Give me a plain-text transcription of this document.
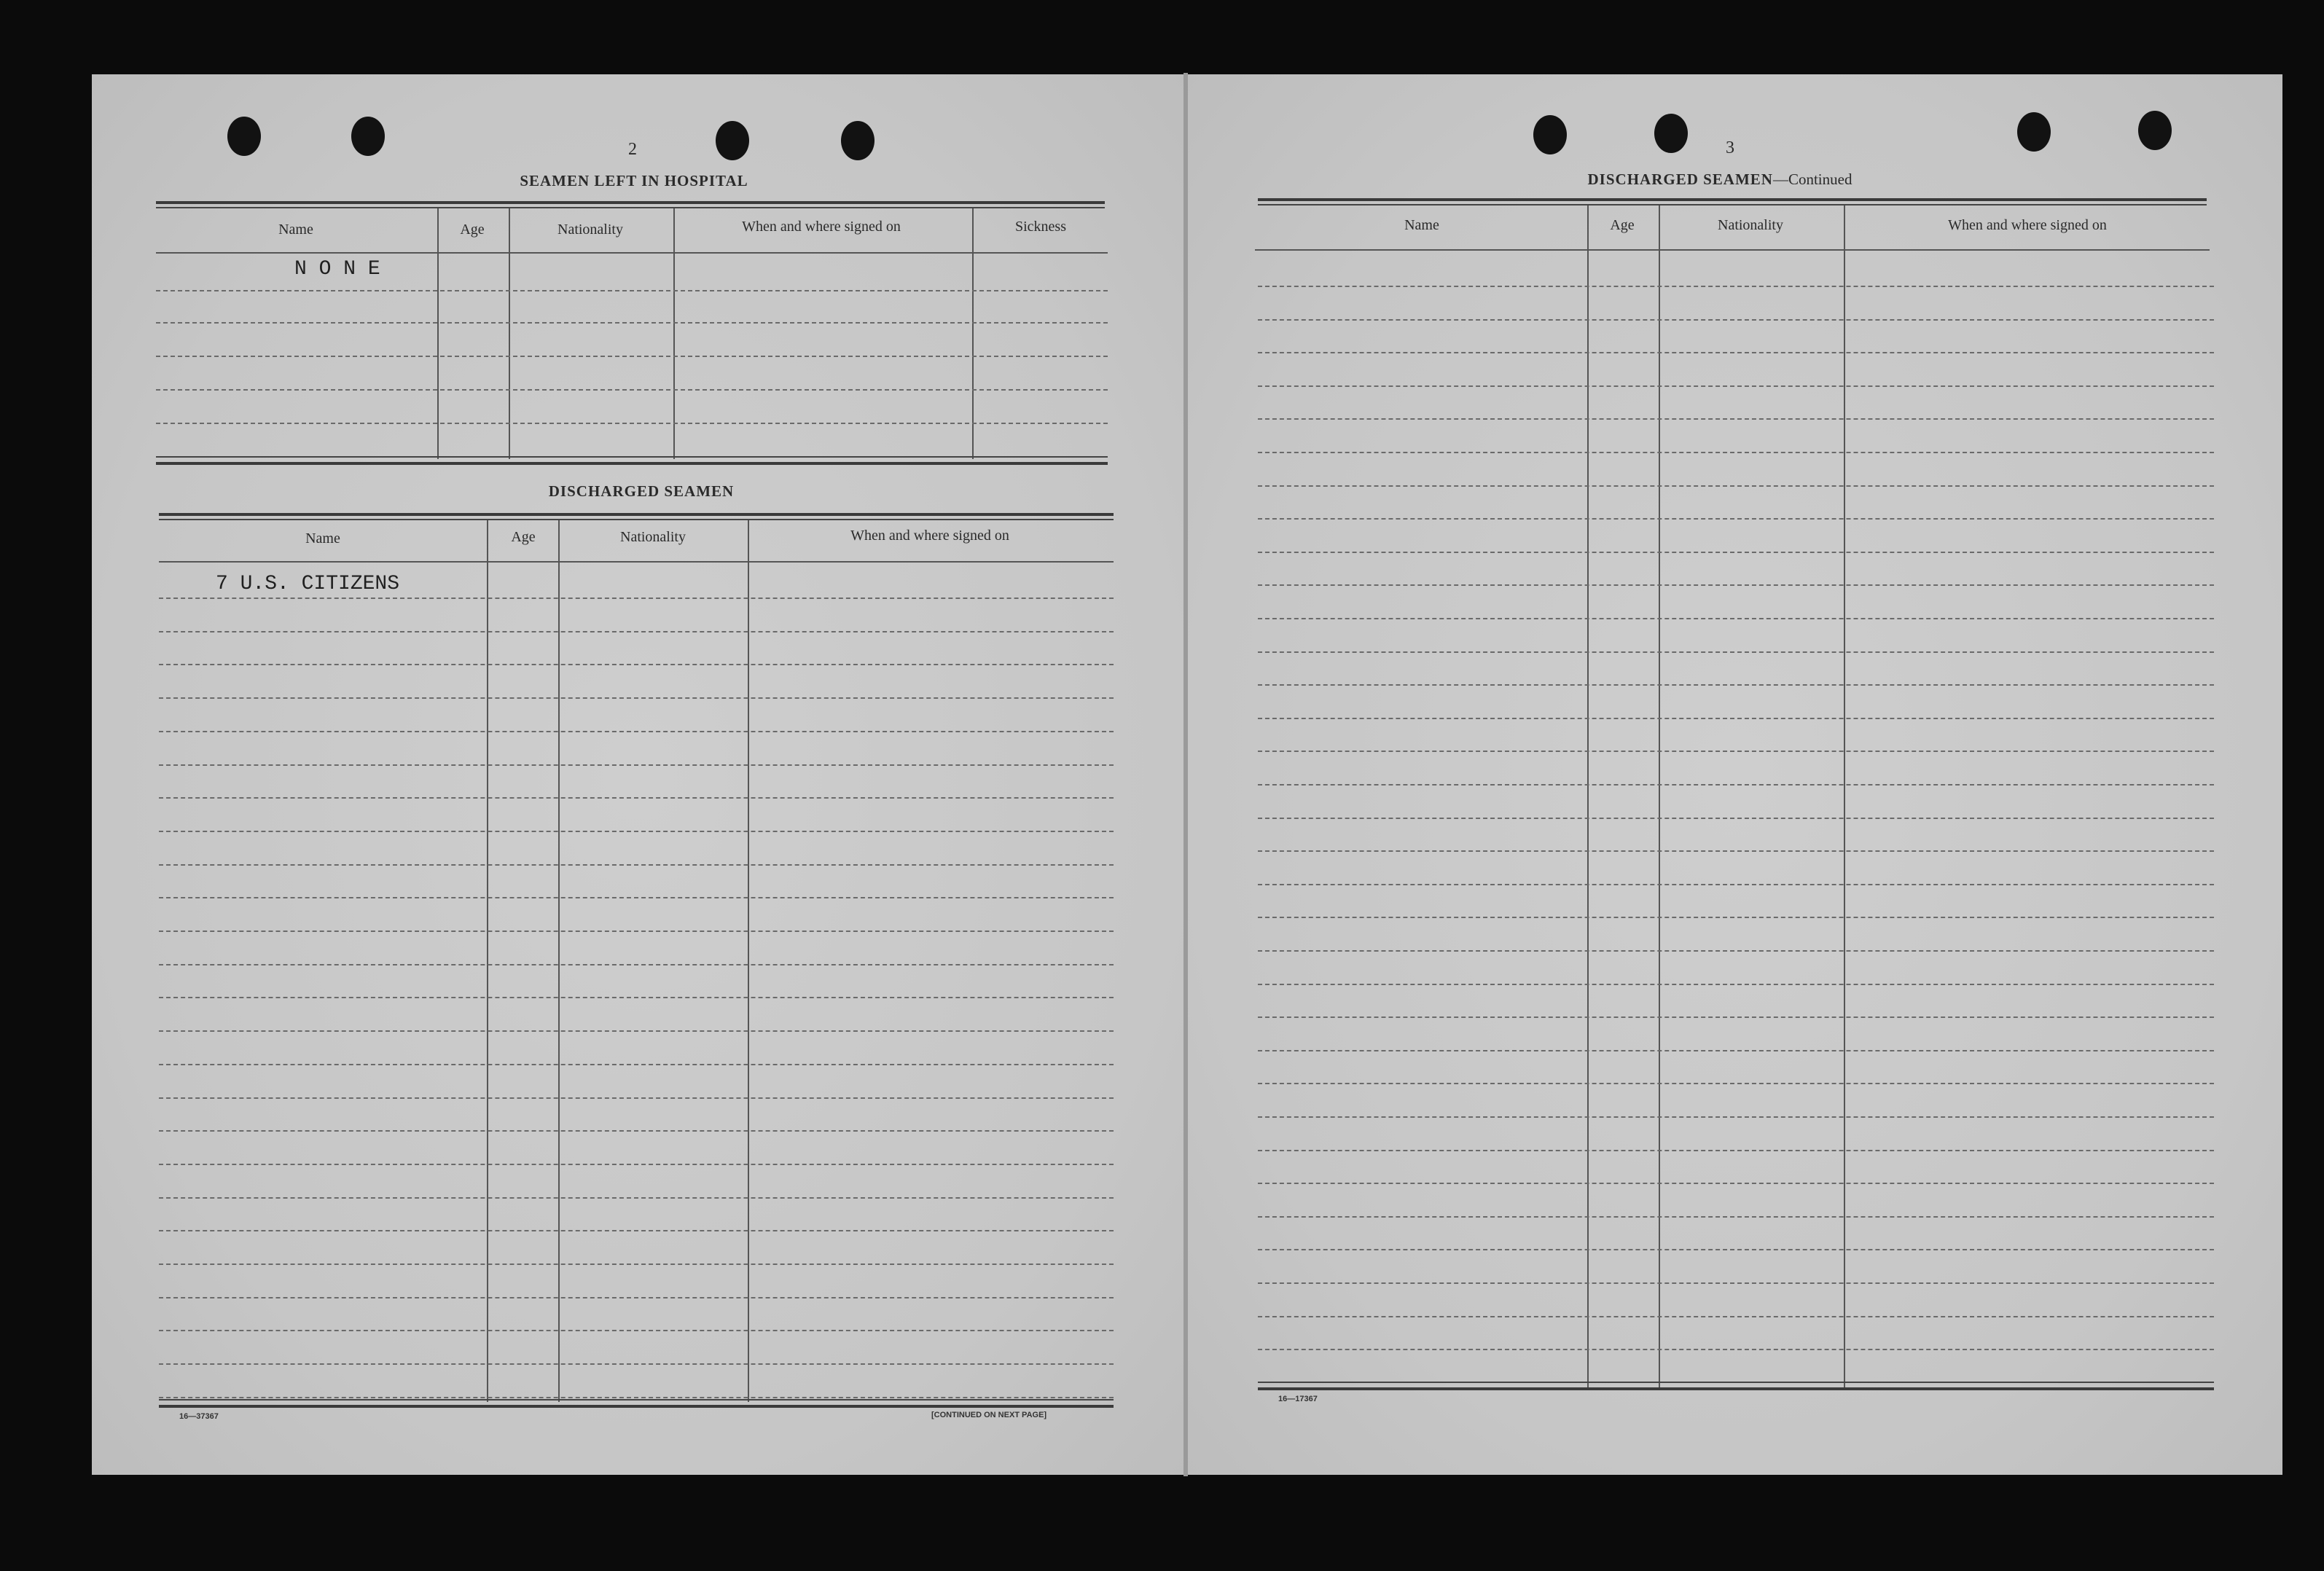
2
SEAMEN LEFT IN HOSPITAL
Name	Age	Nationality	When and where signed on	Sickness
N O N E
DISCHARGED SEAMEN
Name	Age	Nationality	When and where signed on
7 U.S. CITIZENS
16—37367	[CONTINUED ON NEXT PAGE]
3
DISCHARGED SEAMEN—Continued
Name	Age	Nationality	When and where signed on
16—17367
